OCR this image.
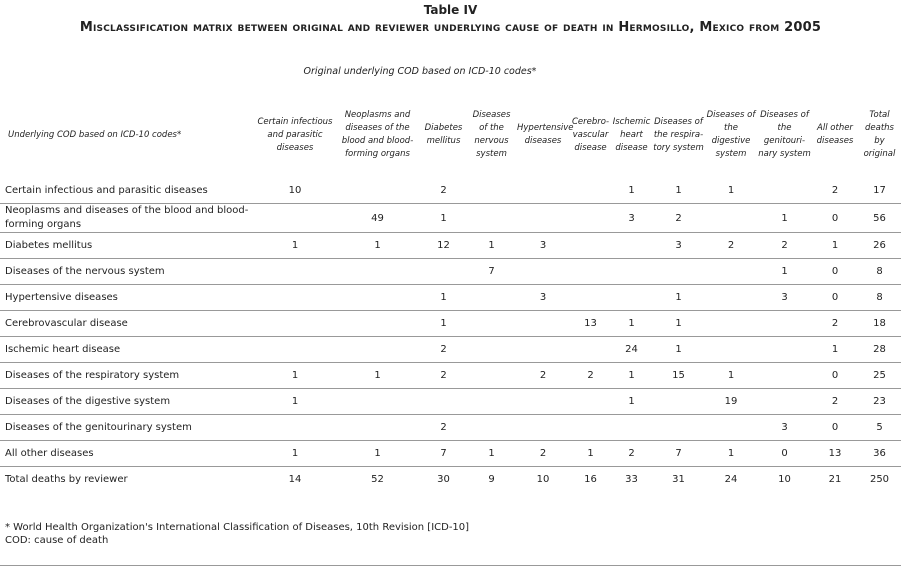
Table IV
Misclassification matrix between original and reviewer underlying cause of death in Hermosillo, Mexico from 2005
Original underlying COD based on ICD-10 codes*
Underlying COD based on ICD-10 codes*	Certain infectious and parasitic diseases	Neoplasms and diseases of the blood and blood-forming organs	Diabetes mellitus	Diseases of the nervous system	Hypertensive diseases	Cerebro-vascular disease	Ischemic heart disease	Diseases of the respira-tory system	Diseases of the digestive system	Diseases of the genitouri-nary system	All other diseases	Total deaths by original

Certain infectious and parasitic diseases	10		2				1	1	1		2	17
Neoplasms and diseases of the blood and blood-forming organs		49	1				3	2		1	0	56
Diabetes mellitus	1	1	12	1	3			3	2	2	1	26
Diseases of the nervous system				7						1	0	8
Hypertensive diseases			1		3			1		3	0	8
Cerebrovascular disease			1			13	1	1			2	18
Ischemic heart disease			2				24	1			1	28
Diseases of the respiratory system	1	1	2		2	2	1	15	1		0	25
Diseases of the digestive system	1						1		19		2	23
Diseases of the genitourinary system			2							3	0	5
All other diseases	1	1	7	1	2	1	2	7	1	0	13	36
Total deaths by reviewer	14	52	30	9	10	16	33	31	24	10	21	250
* World Health Organization's International Classification of Diseases, 10th Revision [ICD-10]
COD: cause of death
